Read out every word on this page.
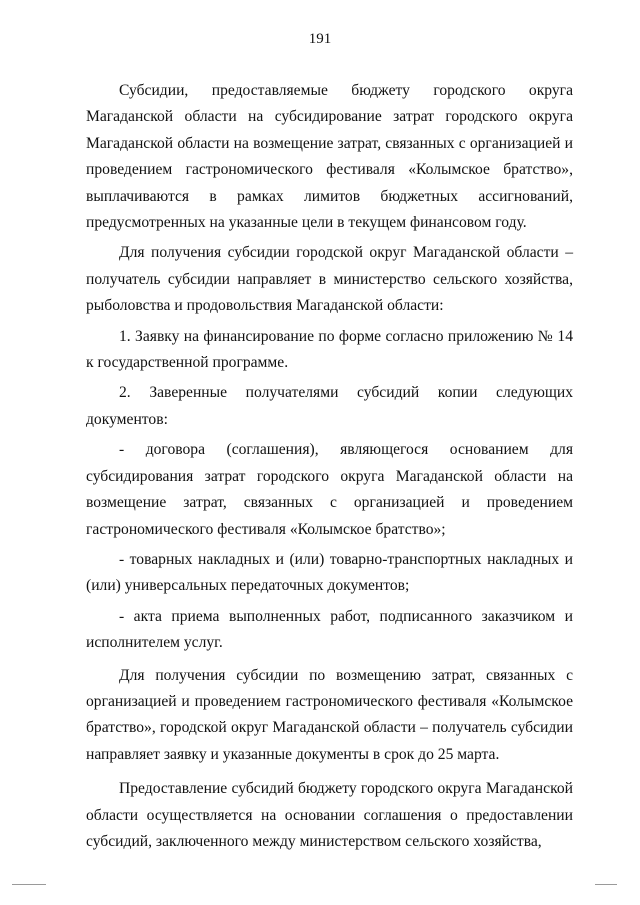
191

Субсидии, предоставляемые бюджету городского округа Магаданской области на субсидирование затрат городского округа Магаданской области на возмещение затрат, связанных с организацией и проведением гастрономического фестиваля «Колымское братство», выплачиваются в рамках лимитов бюджетных ассигнований, предусмотренных на указанные цели в текущем финансовом году.

Для получения субсидии городской округ Магаданской области – получатель субсидии направляет в министерство сельского хозяйства, рыболовства и продовольствия Магаданской области:

1. Заявку на финансирование по форме согласно приложению № 14 к государственной программе.

2. Заверенные получателями субсидий копии следующих документов:

- договора (соглашения), являющегося основанием для субсидирования затрат городского округа Магаданской области на возмещение затрат, связанных с организацией и проведением гастрономического фестиваля «Колымское братство»;

- товарных накладных и (или) товарно-транспортных накладных и (или) универсальных передаточных документов;

- акта приема выполненных работ, подписанного заказчиком и исполнителем услуг.

Для получения субсидии по возмещению затрат, связанных с организацией и проведением гастрономического фестиваля «Колымское братство», городской округ Магаданской области – получатель субсидии направляет заявку и указанные документы в срок до 25 марта.

Предоставление субсидий бюджету городского округа Магаданской области осуществляется на основании соглашения о предоставлении субсидий, заключенного между министерством сельского хозяйства,
